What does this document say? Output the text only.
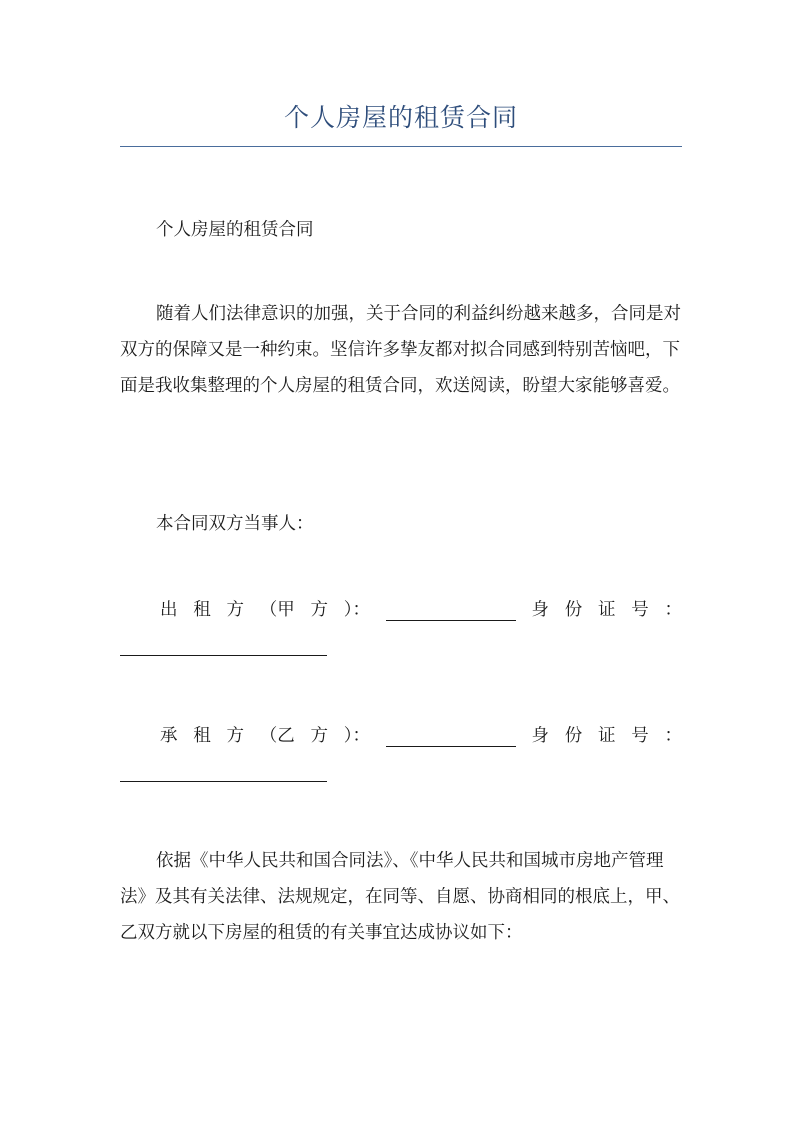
个人房屋的租赁合同

个人房屋的租赁合同

随着人们法律意识的加强，关于合同的利益纠纷越来越多，合同是对双方的保障又是一种约束。坚信许多挚友都对拟合同感到特别苦恼吧，下面是我收集整理的个人房屋的租赁合同，欢送阅读，盼望大家能够喜爱。

本合同双方当事人：

出 租 方 （甲 方 ）：	身 份 证 号 ：
承 租 方 （乙 方 ）：	身 份 证 号 ：

依据《中华人民共和国合同法》、《中华人民共和国城市房地产管理法》及其有关法律、法规规定，在同等、自愿、协商相同的根底上，甲、乙双方就以下房屋的租赁的有关事宜达成协议如下：
